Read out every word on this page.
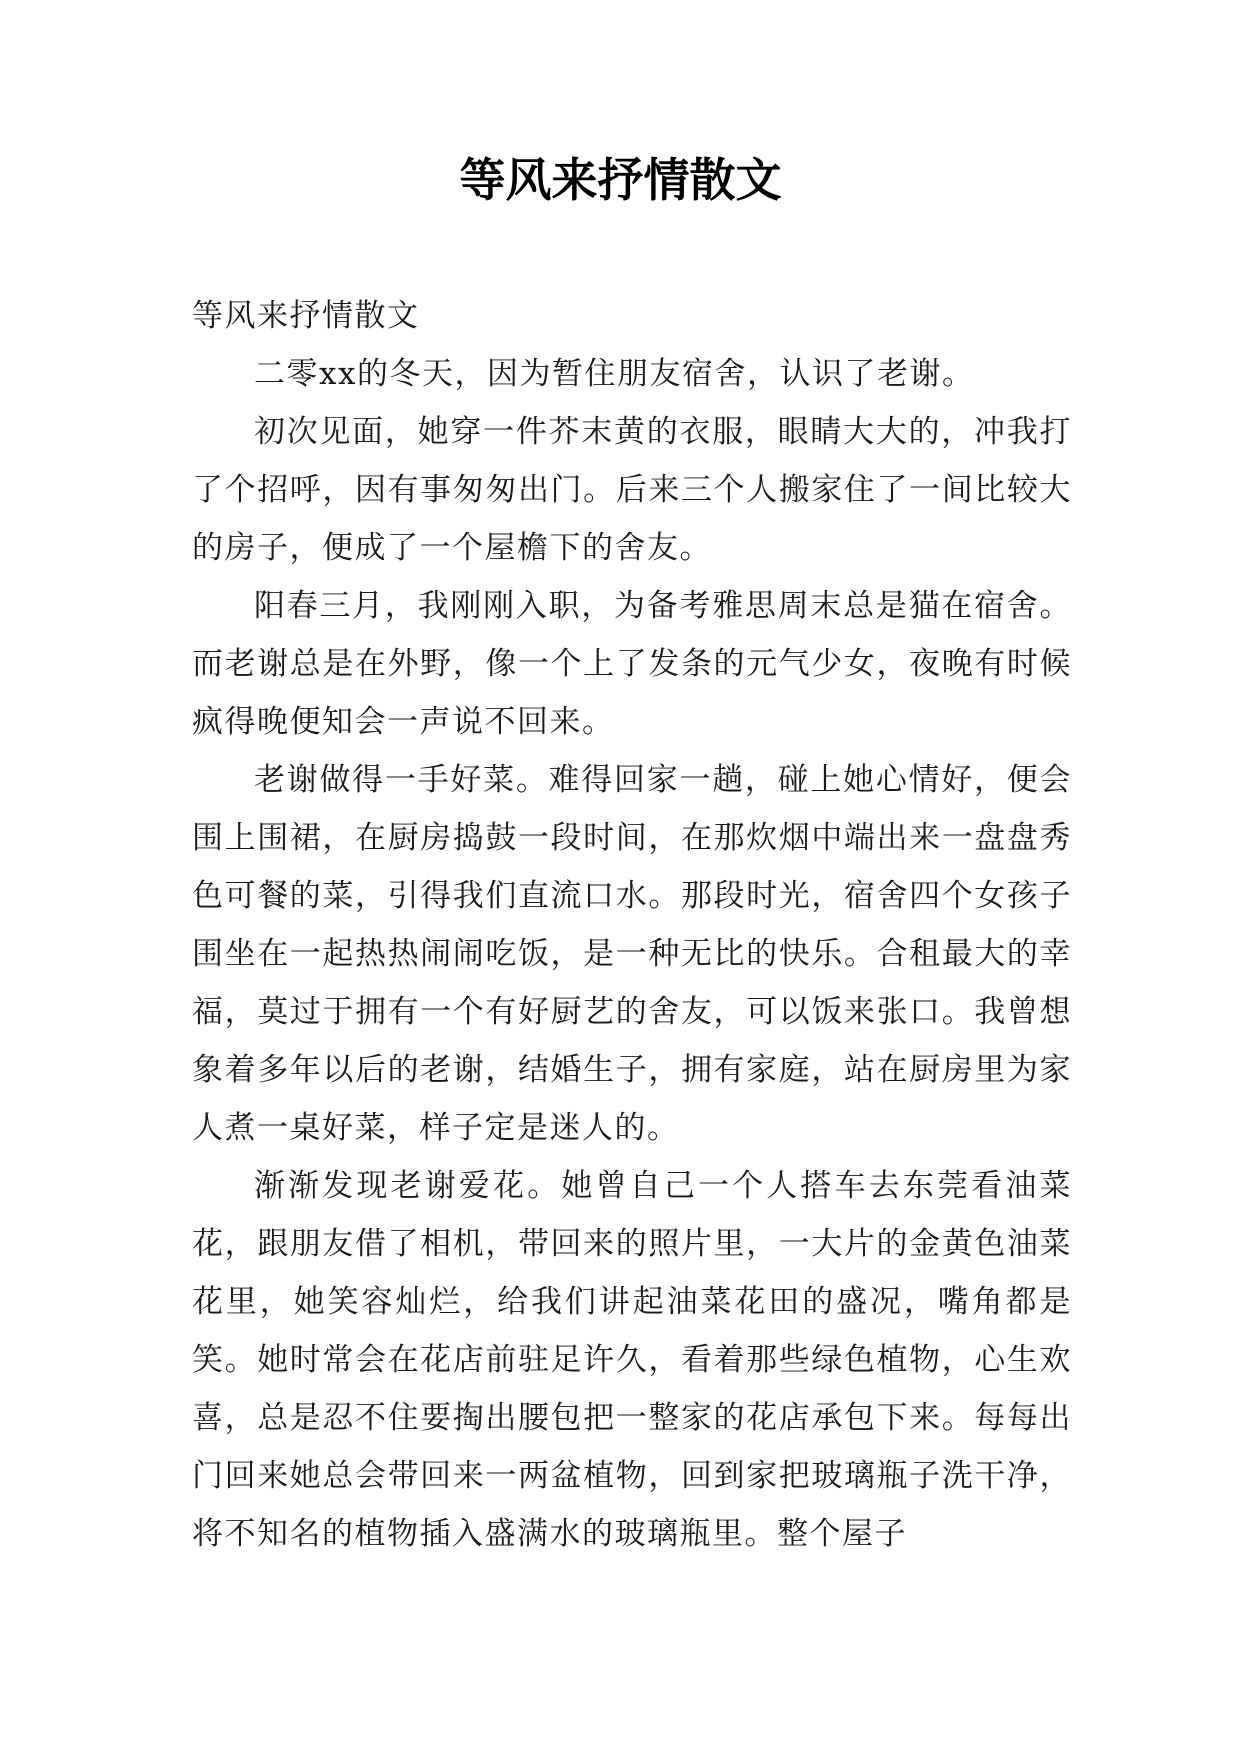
等风来抒情散文

等风来抒情散文

二零xx的冬天，因为暂住朋友宿舍，认识了老谢。

初次见面，她穿一件芥末黄的衣服，眼睛大大的，冲我打了个招呼，因有事匆匆出门。后来三个人搬家住了一间比较大的房子，便成了一个屋檐下的舍友。

阳春三月，我刚刚入职，为备考雅思周末总是猫在宿舍。而老谢总是在外野，像一个上了发条的元气少女，夜晚有时候疯得晚便知会一声说不回来。

老谢做得一手好菜。难得回家一趟，碰上她心情好，便会围上围裙，在厨房捣鼓一段时间，在那炊烟中端出来一盘盘秀色可餐的菜，引得我们直流口水。那段时光，宿舍四个女孩子围坐在一起热热闹闹吃饭，是一种无比的快乐。合租最大的幸福，莫过于拥有一个有好厨艺的舍友，可以饭来张口。我曾想象着多年以后的老谢，结婚生子，拥有家庭，站在厨房里为家人煮一桌好菜，样子定是迷人的。

渐渐发现老谢爱花。她曾自己一个人搭车去东莞看油菜花，跟朋友借了相机，带回来的照片里，一大片的金黄色油菜花里，她笑容灿烂，给我们讲起油菜花田的盛况，嘴角都是笑。她时常会在花店前驻足许久，看着那些绿色植物，心生欢喜，总是忍不住要掏出腰包把一整家的花店承包下来。每每出门回来她总会带回来一两盆植物，回到家把玻璃瓶子洗干净，将不知名的植物插入盛满水的玻璃瓶里。整个屋子
